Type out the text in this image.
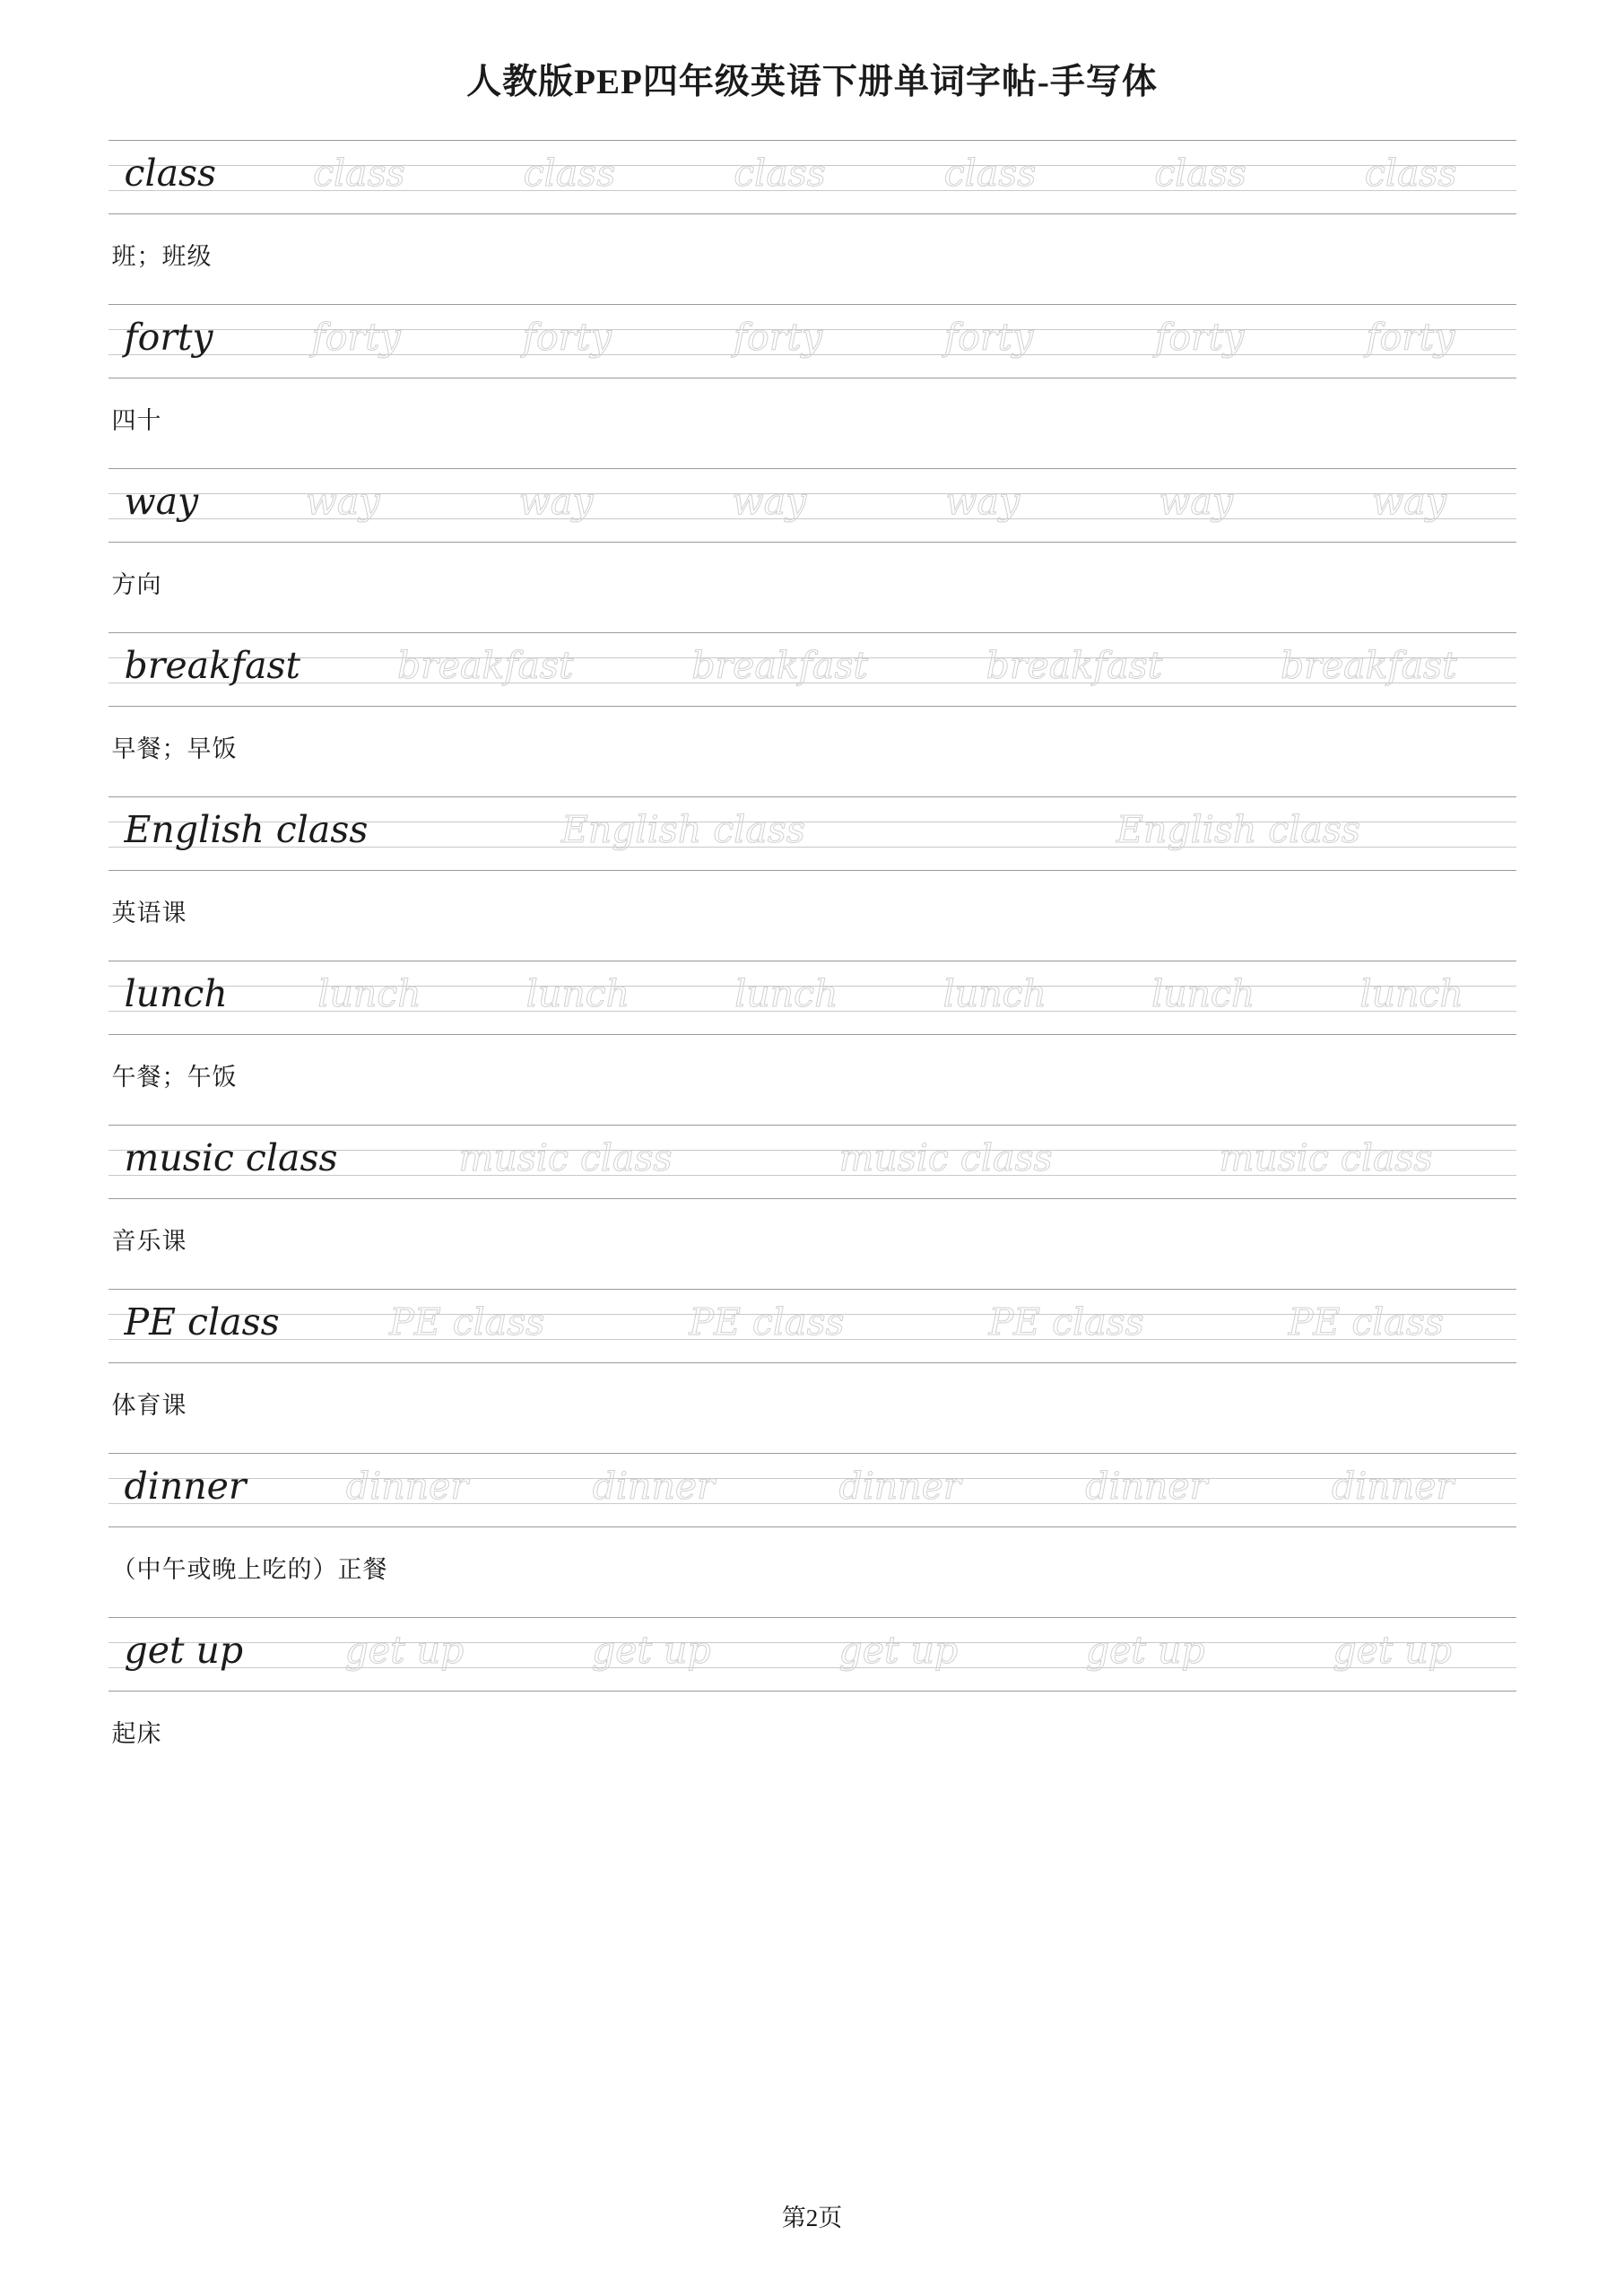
人教版PEP四年级英语下册单词字帖-手写体
class	class	class	class	class	class	class
班；班级
forty	forty	forty	forty	forty	forty	forty
四十
way	way	way	way	way	way	way
方向
breakfast	breakfast	breakfast	breakfast	breakfast
早餐；早饭
English class	English class	English class
英语课
lunch lunch	lunch	lunch	lunch	lunch	lunch
午餐；午饭
music class	music class	music class	music class
音乐课
PE class	PE class	PE class	PE class	PE class
体育课
dinner	dinner	dinner	dinner	dinner	dinner
（中午或晚上吃的）正餐
get up	get up	get up	get up	get up	get up
起床
第2页
